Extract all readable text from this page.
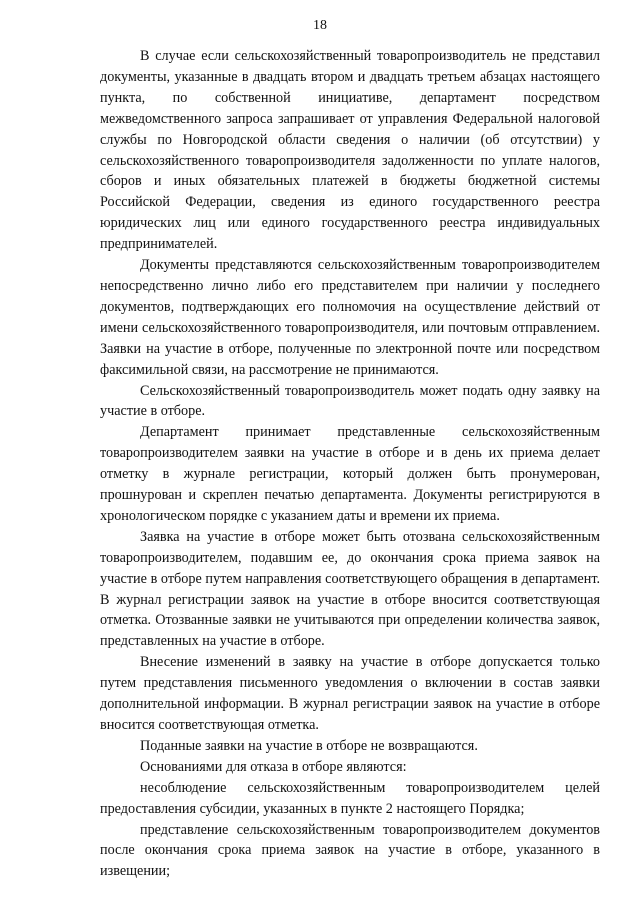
18

В случае если сельскохозяйственный товаропроизводитель не представил документы, указанные в двадцать втором и двадцать третьем абзацах настоящего пункта, по собственной инициативе, департамент посредством межведомственного запроса запрашивает от управления Федеральной налоговой службы по Новгородской области сведения о наличии (об отсутствии) у сельскохозяйственного товаропроизводителя задолженности по уплате налогов, сборов и иных обязательных платежей в бюджеты бюджетной системы Российской Федерации, сведения из единого государственного реестра юридических лиц или единого государственного реестра индивидуальных предпринимателей.

Документы представляются сельскохозяйственным товаропроизводителем непосредственно лично либо его представителем при наличии у последнего документов, подтверждающих его полномочия на осуществление действий от имени сельскохозяйственного товаропроизводителя, или почтовым отправлением. Заявки на участие в отборе, полученные по электронной почте или посредством факсимильной связи, на рассмотрение не принимаются.

Сельскохозяйственный товаропроизводитель может подать одну заявку на участие в отборе.

Департамент принимает представленные сельскохозяйственным товаропроизводителем заявки на участие в отборе и в день их приема делает отметку в журнале регистрации, который должен быть пронумерован, прошнурован и скреплен печатью департамента. Документы регистрируются в хронологическом порядке с указанием даты и времени их приема.

Заявка на участие в отборе может быть отозвана сельскохозяйственным товаропроизводителем, подавшим ее, до окончания срока приема заявок на участие в отборе путем направления соответствующего обращения в департамент. В журнал регистрации заявок на участие в отборе вносится соответствующая отметка. Отозванные заявки не учитываются при определении количества заявок, представленных на участие в отборе.

Внесение изменений в заявку на участие в отборе допускается только путем представления письменного уведомления о включении в состав заявки дополнительной информации. В журнал регистрации заявок на участие в отборе вносится соответствующая отметка.

Поданные заявки на участие в отборе не возвращаются.

Основаниями для отказа в отборе являются:

несоблюдение сельскохозяйственным товаропроизводителем целей предоставления субсидии, указанных в пункте 2 настоящего Порядка;

представление сельскохозяйственным товаропроизводителем документов после окончания срока приема заявок на участие в отборе, указанного в извещении;
